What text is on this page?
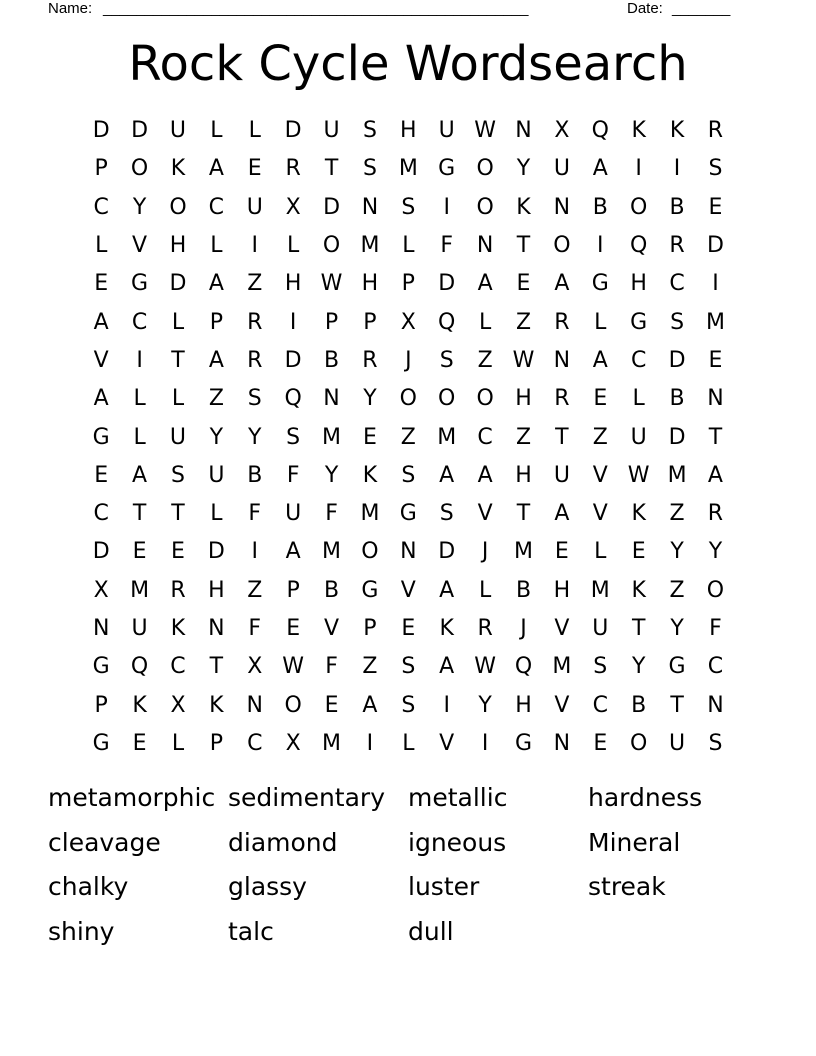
Name: ___________________________________________________	Date: _______
Rock Cycle Wordsearch
D D U	L	L	D U	S	H	U W N	X	Q	K	K	R
P	O	K	A	E	R	T	S M G O	Y	U	A	I	I	S
C	Y	O	C	U	X	D N	S	I	O	K	N	B	O	B	E
L	V	H	L	I	L	O M	L	F	N	T	O	I	Q	R	D
E	G D	A	Z	H W H	P	D	A	E	A	G H	C	I
A	C	L	P	R	I	P	P	X	Q	L	Z	R	L	G	S M
V	I	T	A	R	D	B	R	J	S	Z W N	A	C	D	E
A	L	L	Z	S	Q N	Y	O O O H	R	E	L	B	N
G	L	U	Y	Y	S M E	Z M C	Z	T	Z	U D	T
E	A	S	U	B	F	Y	K	S	A	A	H	U	V W M A
C	T	T	L	F	U	F	M G	S	V	T	A	V	K	Z	R
D	E	E	D	I	A M O N D	J	M E	L	E	Y	Y
X M R	H	Z	P	B	G	V	A	L	B	H M K	Z	O
N	U	K	N	F	E	V	P	E	K	R	J	V	U	T	Y	F
G Q	C	T	X W F	Z	S	A W Q M S	Y	G	C
P	K	X	K	N O	E	A	S	I	Y	H	V	C	B	T	N
G	E	L	P	C	X M	I	L	V	I	G N	E	O U	S
metamorphic sedimentary metallic	hardness
cleavage	diamond	igneous	Mineral
chalky	glassy	luster	streak
shiny	talc	dull
